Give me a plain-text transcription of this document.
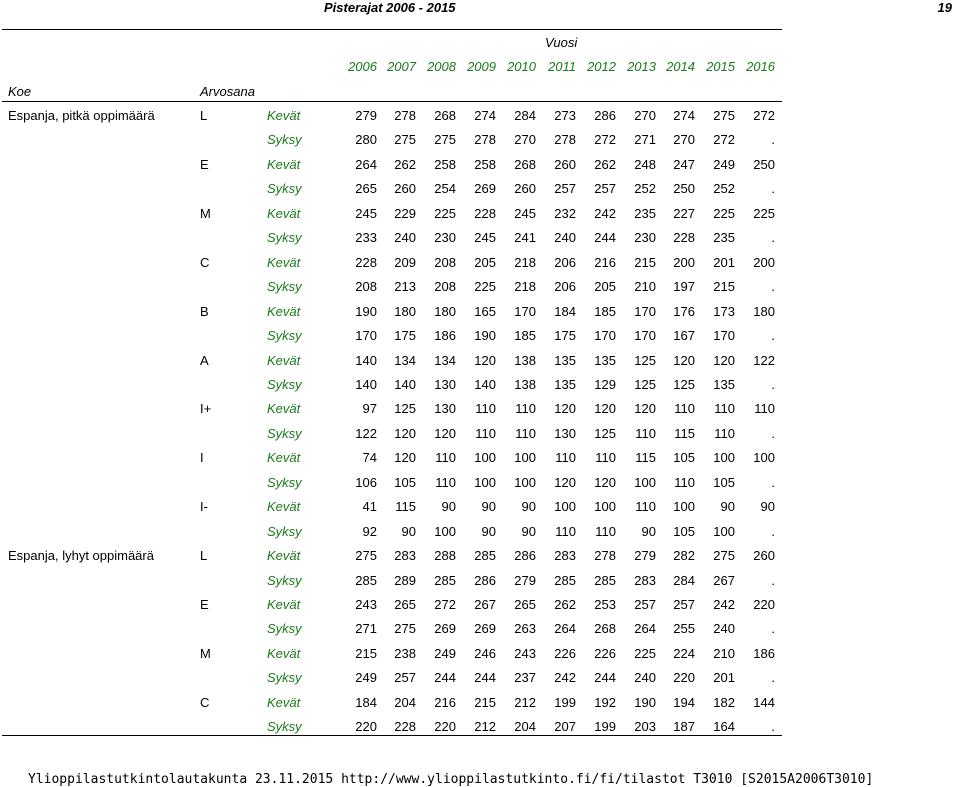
Pisterajat 2006 - 2015	19
Vuosi
2006 2007 2008 2009 2010 2011 2012 2013 2014 2015 2016
Koe	Arvosana
Espanja, pitkä oppimäärä	L	Kevät	279	278	268	274	284	273	286	270	274	275	272
Syksy	280	275	275	278	270	278	272	271	270	272	.
E	Kevät	264	262	258	258	268	260	262	248	247	249	250
Syksy	265	260	254	269	260	257	257	252	250	252	.
M	Kevät	245	229	225	228	245	232	242	235	227	225	225
Syksy	233	240	230	245	241	240	244	230	228	235	.
C	Kevät	228	209	208	205	218	206	216	215	200	201	200
Syksy	208	213	208	225	218	206	205	210	197	215	.
B	Kevät	190	180	180	165	170	184	185	170	176	173	180
Syksy	170	175	186	190	185	175	170	170	167	170	.
A	Kevät	140	134	134	120	138	135	135	125	120	120	122
Syksy	140	140	130	140	138	135	129	125	125	135	.
I+	Kevät	97	125	130	110	110	120	120	120	110	110	110
Syksy	122	120	120	110	110	130	125	110	115	110	.
I	Kevät	74	120	110	100	100	110	110	115	105	100	100
Syksy	106	105	110	100	100	120	120	100	110	105	.
I-	Kevät	41	115	90	90	90	100	100	110	100	90	90
Syksy	92	90	100	90	90	110	110	90	105	100	.
Espanja, lyhyt oppimäärä	L	Kevät	275	283	288	285	286	283	278	279	282	275	260
Syksy	285	289	285	286	279	285	285	283	284	267	.
E	Kevät	243	265	272	267	265	262	253	257	257	242	220
Syksy	271	275	269	269	263	264	268	264	255	240	.
M	Kevät	215	238	249	246	243	226	226	225	224	210	186
Syksy	249	257	244	244	237	242	244	240	220	201	.
C	Kevät	184	204	216	215	212	199	192	190	194	182	144
Syksy	220	228	220	212	204	207	199	203	187	164	.
Ylioppilastutkintolautakunta 23.11.2015 http://www.ylioppilastutkinto.fi/fi/tilastot T3010 [S2015A2006T3010]
